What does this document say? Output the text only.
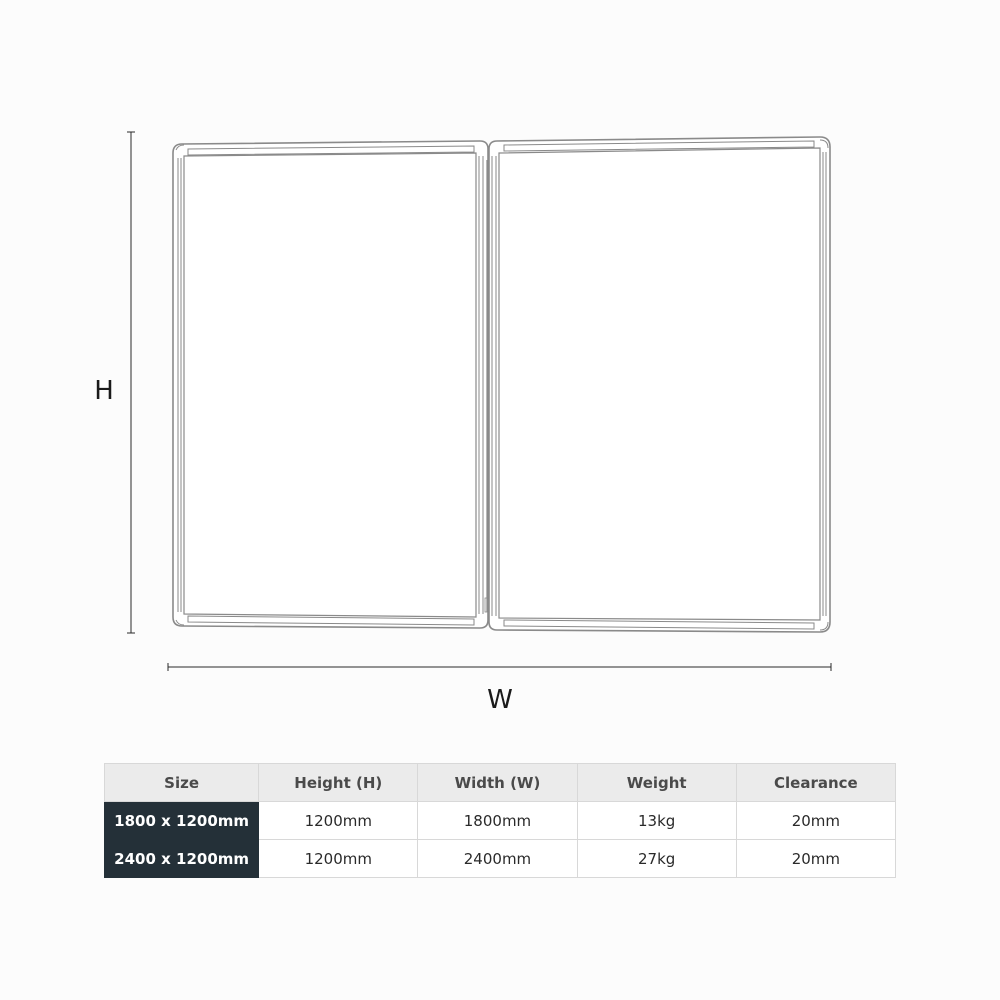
H
W
Size	Height (H)	Width (W)	Weight	Clearance
1800 x 1200mm	1200mm	1800mm	13kg	20mm
2400 x 1200mm	1200mm	2400mm	27kg	20mm
